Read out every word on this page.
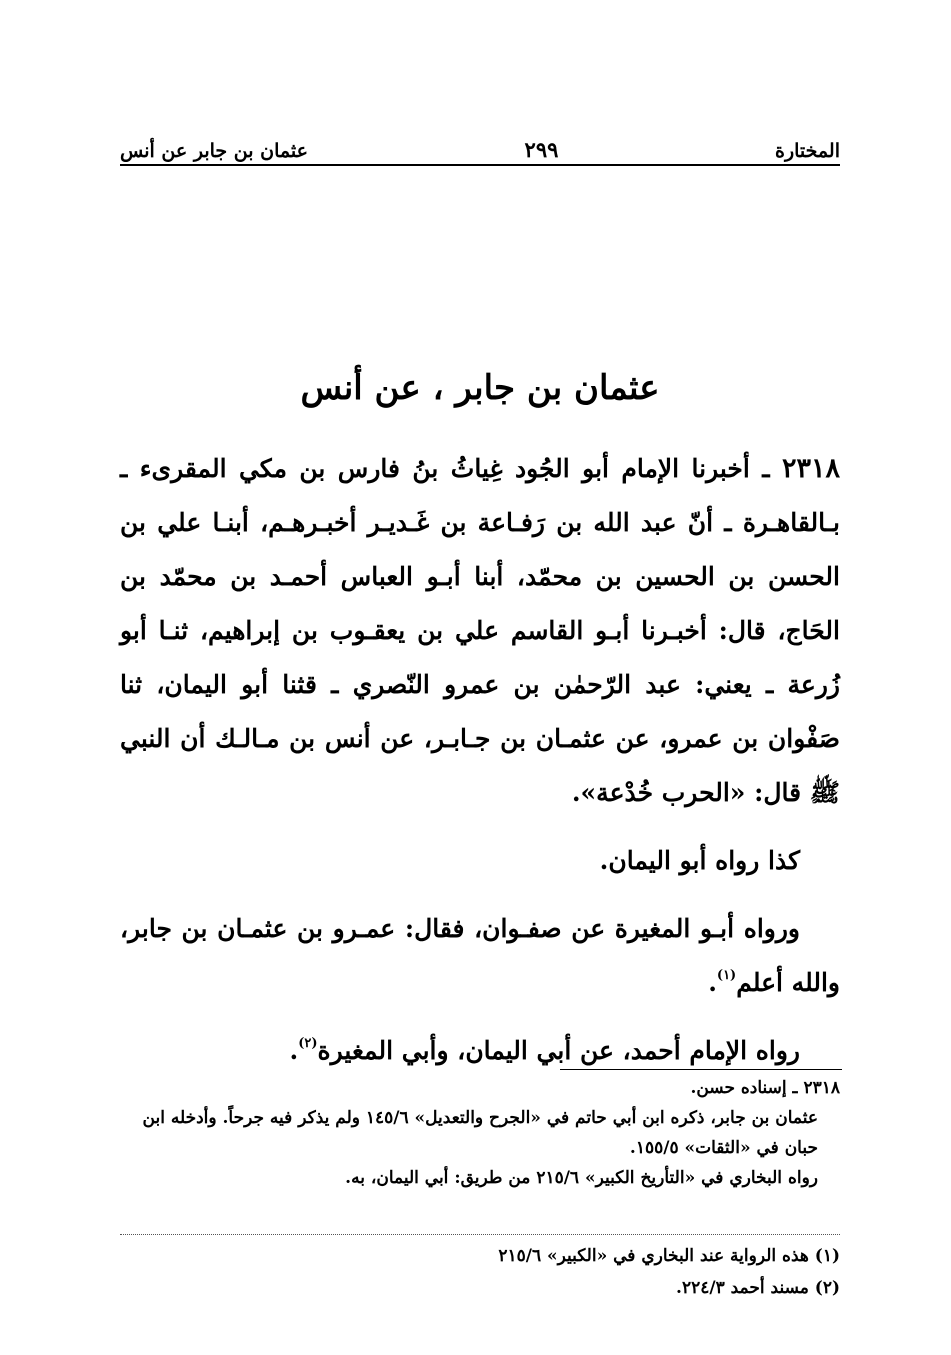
المختارة
٢٩٩
عثمان بن جابر عن أنس
عثمان بن جابر ، عن أنس

٢٣١٨ ـ أخبرنا الإمام أبو الجُود غِياثُ بنُ فارس بن مكي المقرىء ـ بـالقاهـرة ـ أنّ عبد الله بن رَفـاعة بن غَـديـر أخبـرهـم، أبنـا علي بن الحسن بن الحسين بن محمّد، أبنا أبـو العباس أحمـد بن محمّد بن الحَاج، قال: أخبـرنا أبـو القاسم علي بن يعقـوب بن إبراهيم، ثنـا أبو زُرعة ـ يعني: عبد الرّحمٰن بن عمرو النّصري ـ قثنا أبو اليمان، ثنا صَفْوان بن عمرو، عن عثمـان بن جـابـر، عن أنس بن مـالـك أن النبي ﷺ قال: «الحرب خُدْعة».

كذا رواه أبو اليمان.

ورواه أبـو المغيرة عن صفـوان، فقال: عمـرو بن عثمـان بن جابر، والله أعلم$^{(١)}$.

رواه الإمام أحمد، عن أبي اليمان، وأبي المغيرة$^{(٢)}$.

٢٣١٨ ـ إسناده حسن.

عثمان بن جابر، ذكره ابن أبي حاتم في «الجرح والتعديل» ١٤٥/٦ ولم يذكر فيه جرحاً. وأدخله ابن حبان في «الثقات» ١٥٥/٥.

رواه البخاري في «التأريخ الكبير» ٢١٥/٦ من طريق: أبي اليمان، به.

(١) هذه الرواية عند البخاري في «الكبير» ٢١٥/٦

(٢) مسند أحمد ٢٢٤/٣.
